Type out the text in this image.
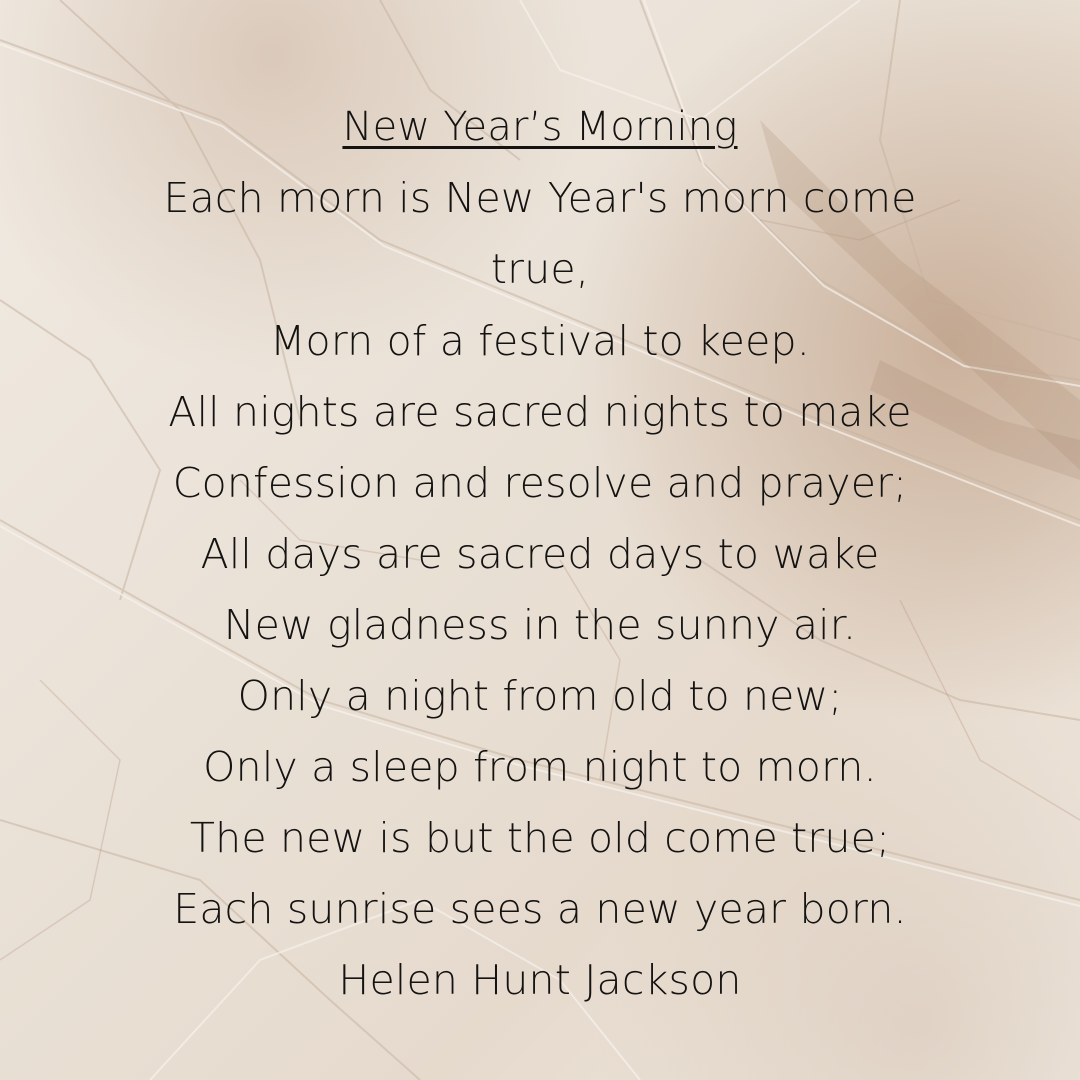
New Year’s Morning
Each morn is New Year's morn come
true,
Morn of a festival to keep.
All nights are sacred nights to make
Confession and resolve and prayer;
All days are sacred days to wake
New gladness in the sunny air.
Only a night from old to new;
Only a sleep from night to morn.
The new is but the old come true;
Each sunrise sees a new year born.
Helen Hunt Jackson
